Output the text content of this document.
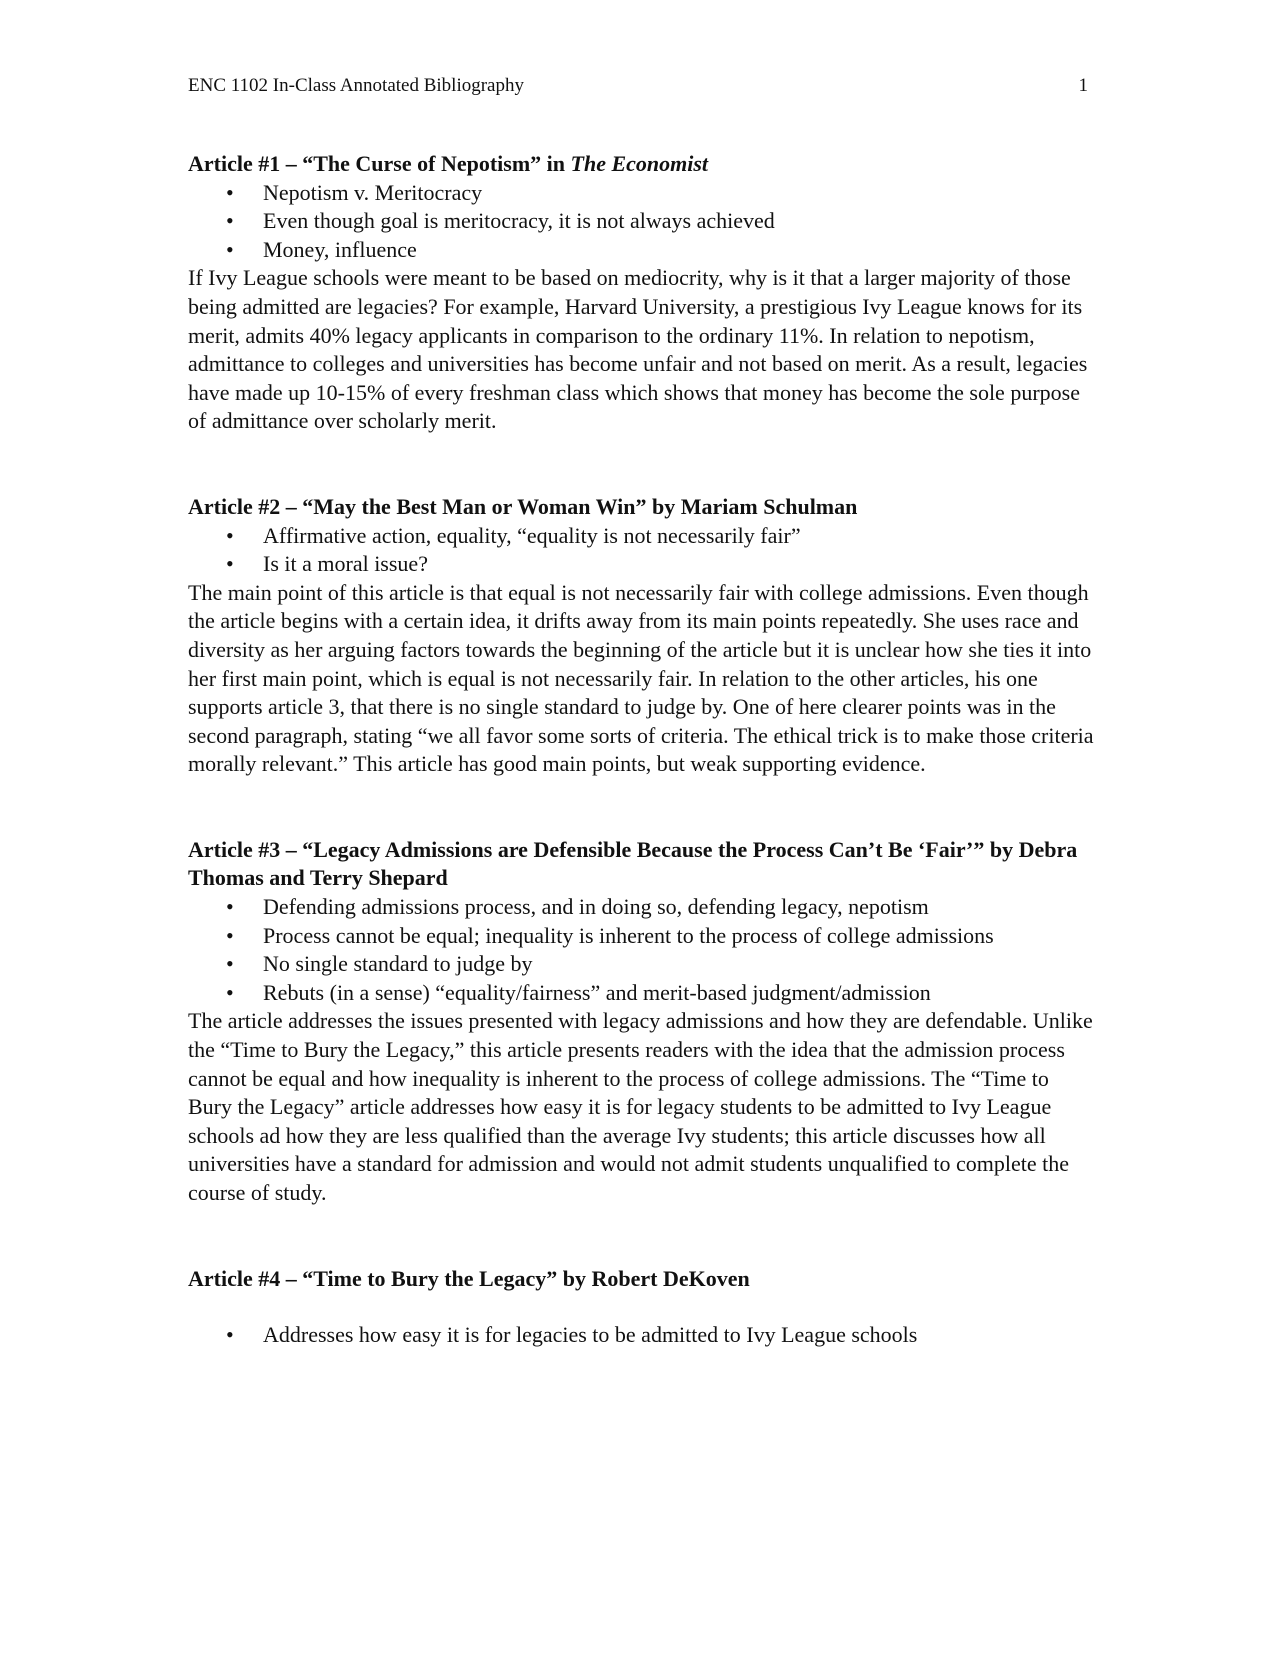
ENC 1102 In-Class Annotated Bibliography	1

Article #1 – “The Curse of Nepotism” in The Economist

• Nepotism v. Meritocracy
• Even though goal is meritocracy, it is not always achieved
• Money, influence

If Ivy League schools were meant to be based on mediocrity, why is it that a larger majority of those being admitted are legacies? For example, Harvard University, a prestigious Ivy League knows for its merit, admits 40% legacy applicants in comparison to the ordinary 11%. In relation to nepotism, admittance to colleges and universities has become unfair and not based on merit. As a result, legacies have made up 10-15% of every freshman class which shows that money has become the sole purpose of admittance over scholarly merit.

Article #2 – “May the Best Man or Woman Win” by Mariam Schulman

• Affirmative action, equality, “equality is not necessarily fair”
• Is it a moral issue?

The main point of this article is that equal is not necessarily fair with college admissions. Even though the article begins with a certain idea, it drifts away from its main points repeatedly. She uses race and diversity as her arguing factors towards the beginning of the article but it is unclear how she ties it into her first main point, which is equal is not necessarily fair. In relation to the other articles, his one supports article 3, that there is no single standard to judge by. One of here clearer points was in the second paragraph, stating “we all favor some sorts of criteria. The ethical trick is to make those criteria morally relevant.” This article has good main points, but weak supporting evidence.

Article #3 – “Legacy Admissions are Defensible Because the Process Can’t Be ‘Fair’” by Debra Thomas and Terry Shepard

• Defending admissions process, and in doing so, defending legacy, nepotism
• Process cannot be equal; inequality is inherent to the process of college admissions
• No single standard to judge by
• Rebuts (in a sense) “equality/fairness” and merit-based judgment/admission

The article addresses the issues presented with legacy admissions and how they are defendable. Unlike the “Time to Bury the Legacy,” this article presents readers with the idea that the admission process cannot be equal and how inequality is inherent to the process of college admissions. The “Time to Bury the Legacy” article addresses how easy it is for legacy students to be admitted to Ivy League schools ad how they are less qualified than the average Ivy students; this article discusses how all universities have a standard for admission and would not admit students unqualified to complete the course of study.

Article #4 – “Time to Bury the Legacy” by Robert DeKoven

• Addresses how easy it is for legacies to be admitted to Ivy League schools
